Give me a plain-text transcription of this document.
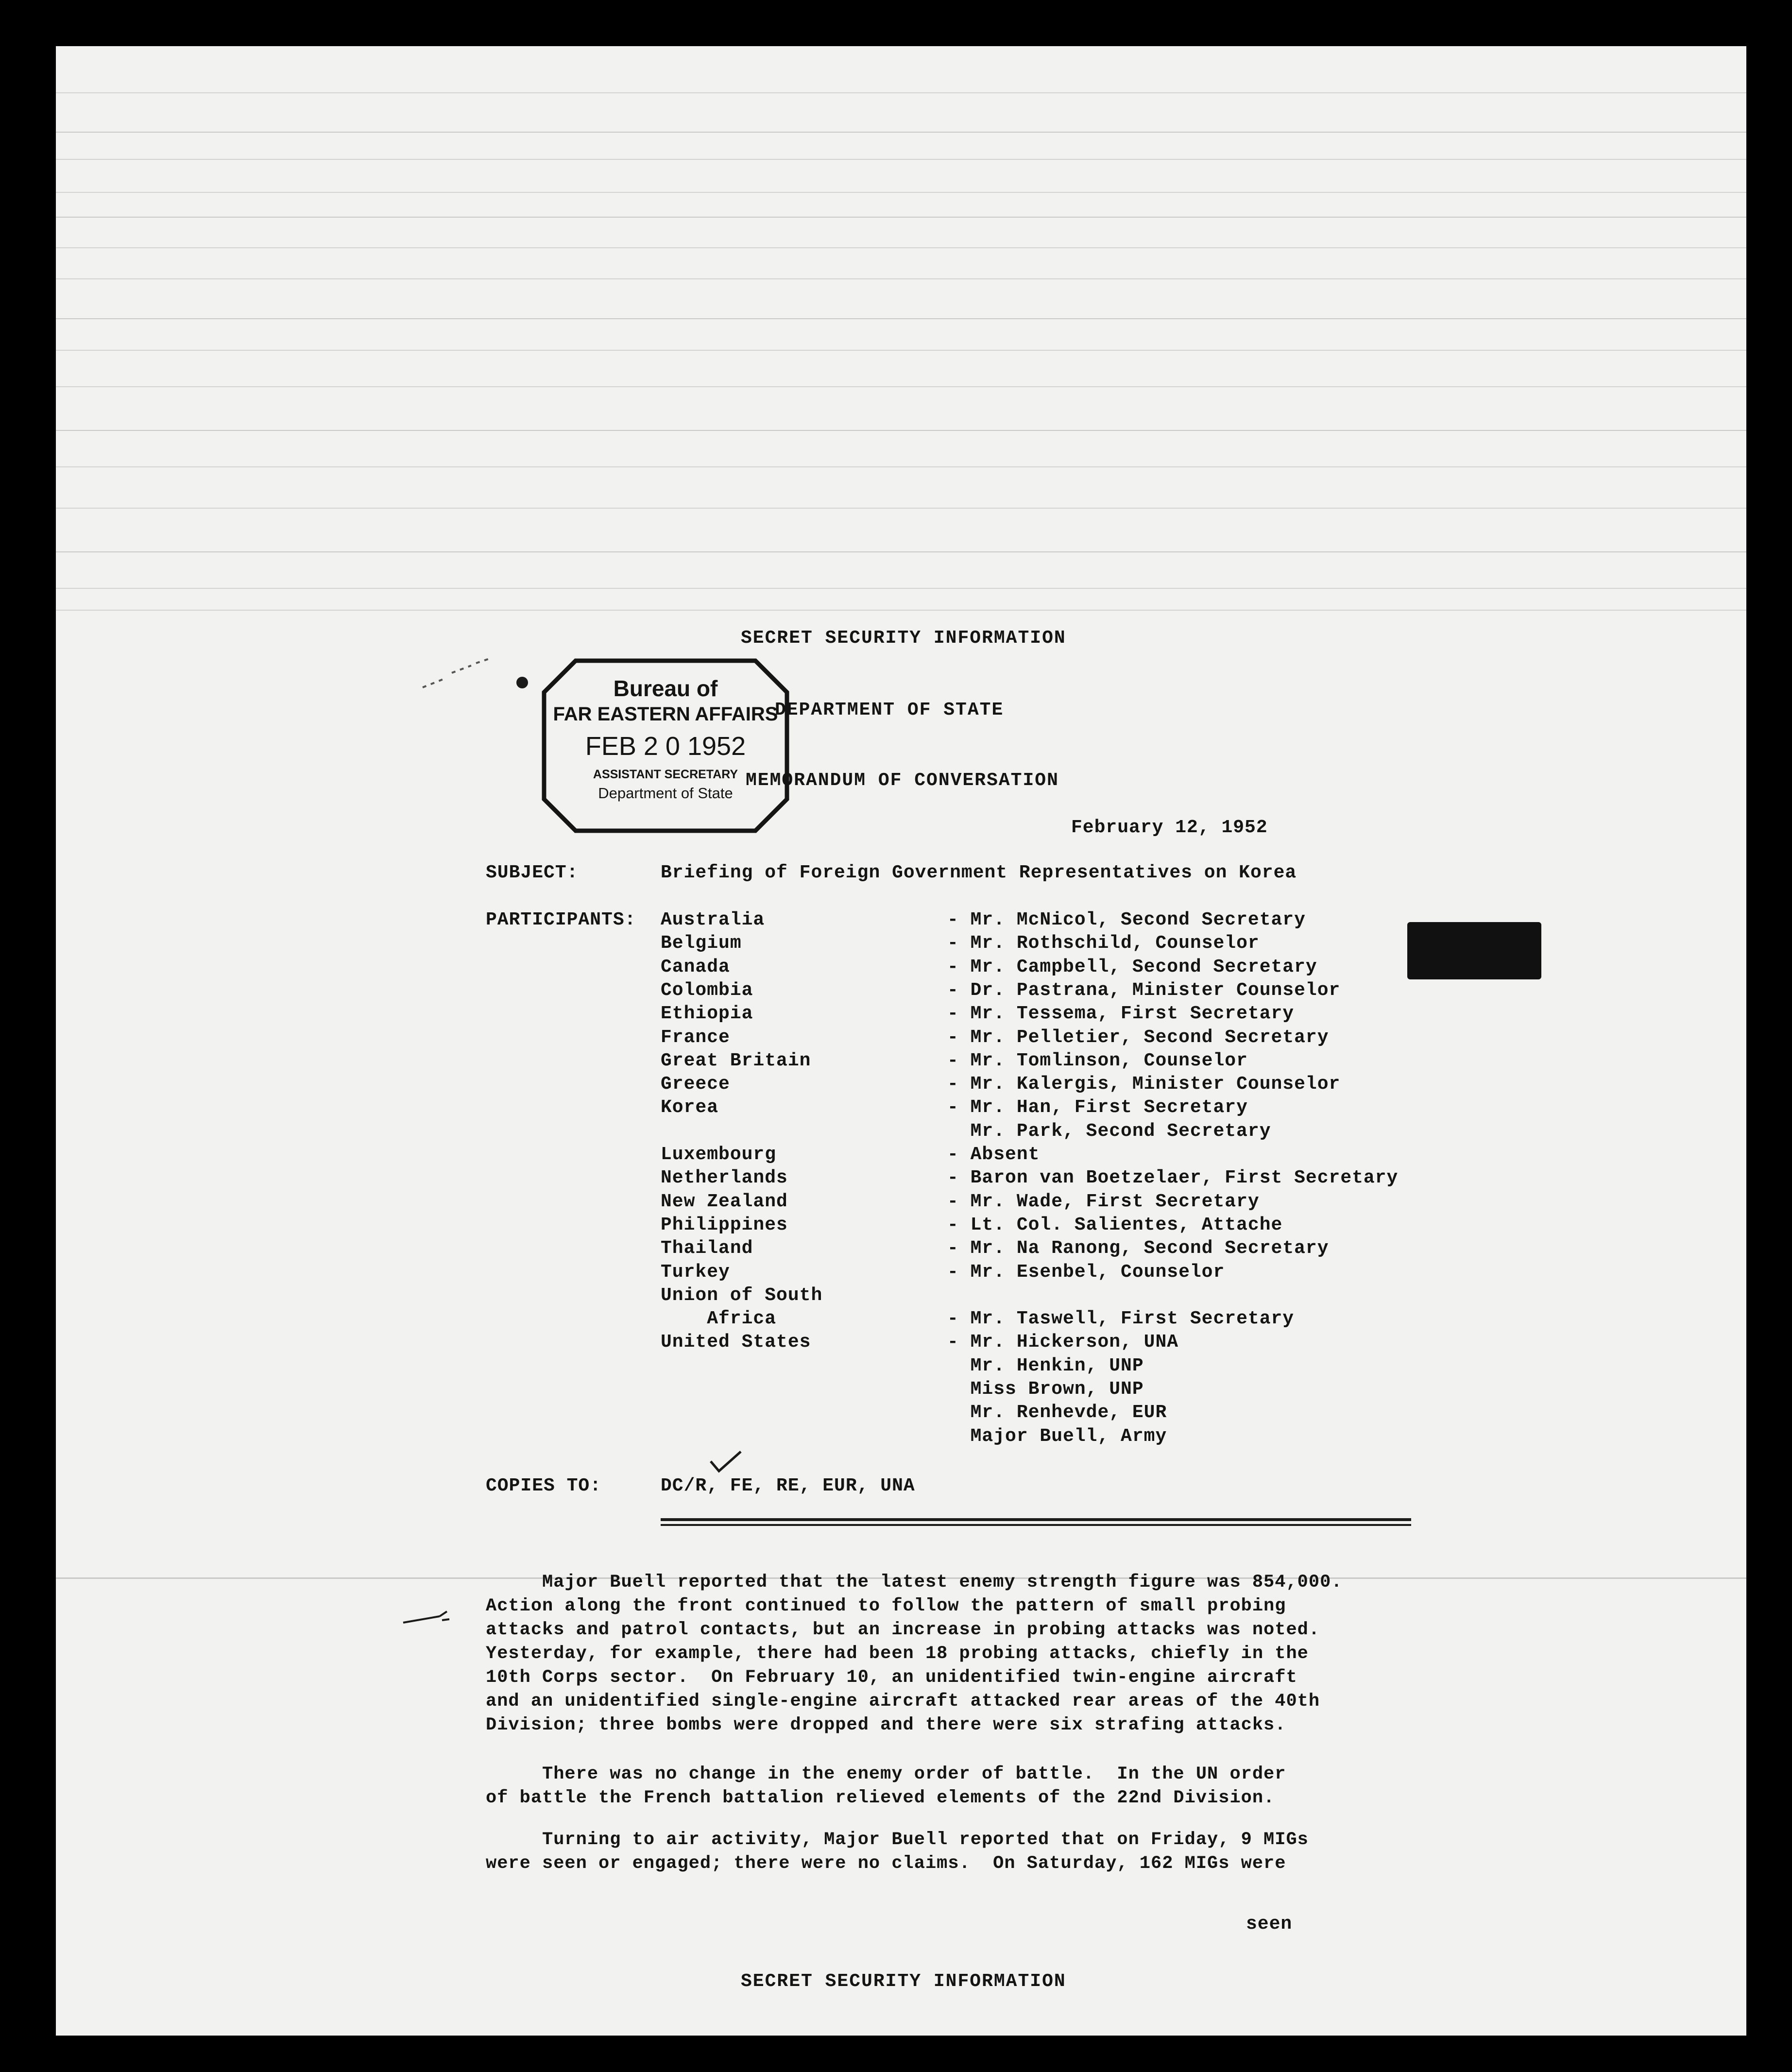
SECRET SECURITY INFORMATION

DEPARTMENT OF STATE

MEMORANDUM OF CONVERSATION

February 12, 1952

Bureau of

FAR EASTERN AFFAIRS

FEB 2 0 1952

ASSISTANT SECRETARY

Department of State

SUBJECT:	Briefing of Foreign Government Representatives on Korea

PARTICIPANTS: Australia	- Mr. McNicol, Second Secretary
Belgium	- Mr. Rothschild, Counselor
Canada	- Mr. Campbell, Second Secretary
Colombia	- Dr. Pastrana, Minister Counselor
Ethiopia	- Mr. Tessema, First Secretary
France	- Mr. Pelletier, Second Secretary
Great Britain	- Mr. Tomlinson, Counselor
Greece	- Mr. Kalergis, Minister Counselor
Korea	- Mr. Han, First Secretary
Mr. Park, Second Secretary
Luxembourg	- Absent
Netherlands	- Baron van Boetzelaer, First Secretary
New Zealand	- Mr. Wade, First Secretary
Philippines	- Lt. Col. Salientes, Attache
Thailand	- Mr. Na Ranong, Second Secretary
Turkey	- Mr. Esenbel, Counselor
Union of South
Africa	- Mr. Taswell, First Secretary
United States	- Mr. Hickerson, UNA
Mr. Henkin, UNP
Miss Brown, UNP
Mr. Renhevde, EUR
Major Buell, Army

COPIES TO:	DC/R, FE, RE, EUR, UNA

Major Buell reported that the latest enemy strength figure was 854,000.
Action along the front continued to follow the pattern of small probing
attacks and patrol contacts, but an increase in probing attacks was noted.
Yesterday, for example, there had been 18 probing attacks, chiefly in the
10th Corps sector.  On February 10, an unidentified twin-engine aircraft
and an unidentified single-engine aircraft attacked rear areas of the 40th
Division; three bombs were dropped and there were six strafing attacks.

There was no change in the enemy order of battle.  In the UN order
of battle the French battalion relieved elements of the 22nd Division.

Turning to air activity, Major Buell reported that on Friday, 9 MIGs
were seen or engaged; there were no claims.  On Saturday, 162 MIGs were

seen

SECRET SECURITY INFORMATION
